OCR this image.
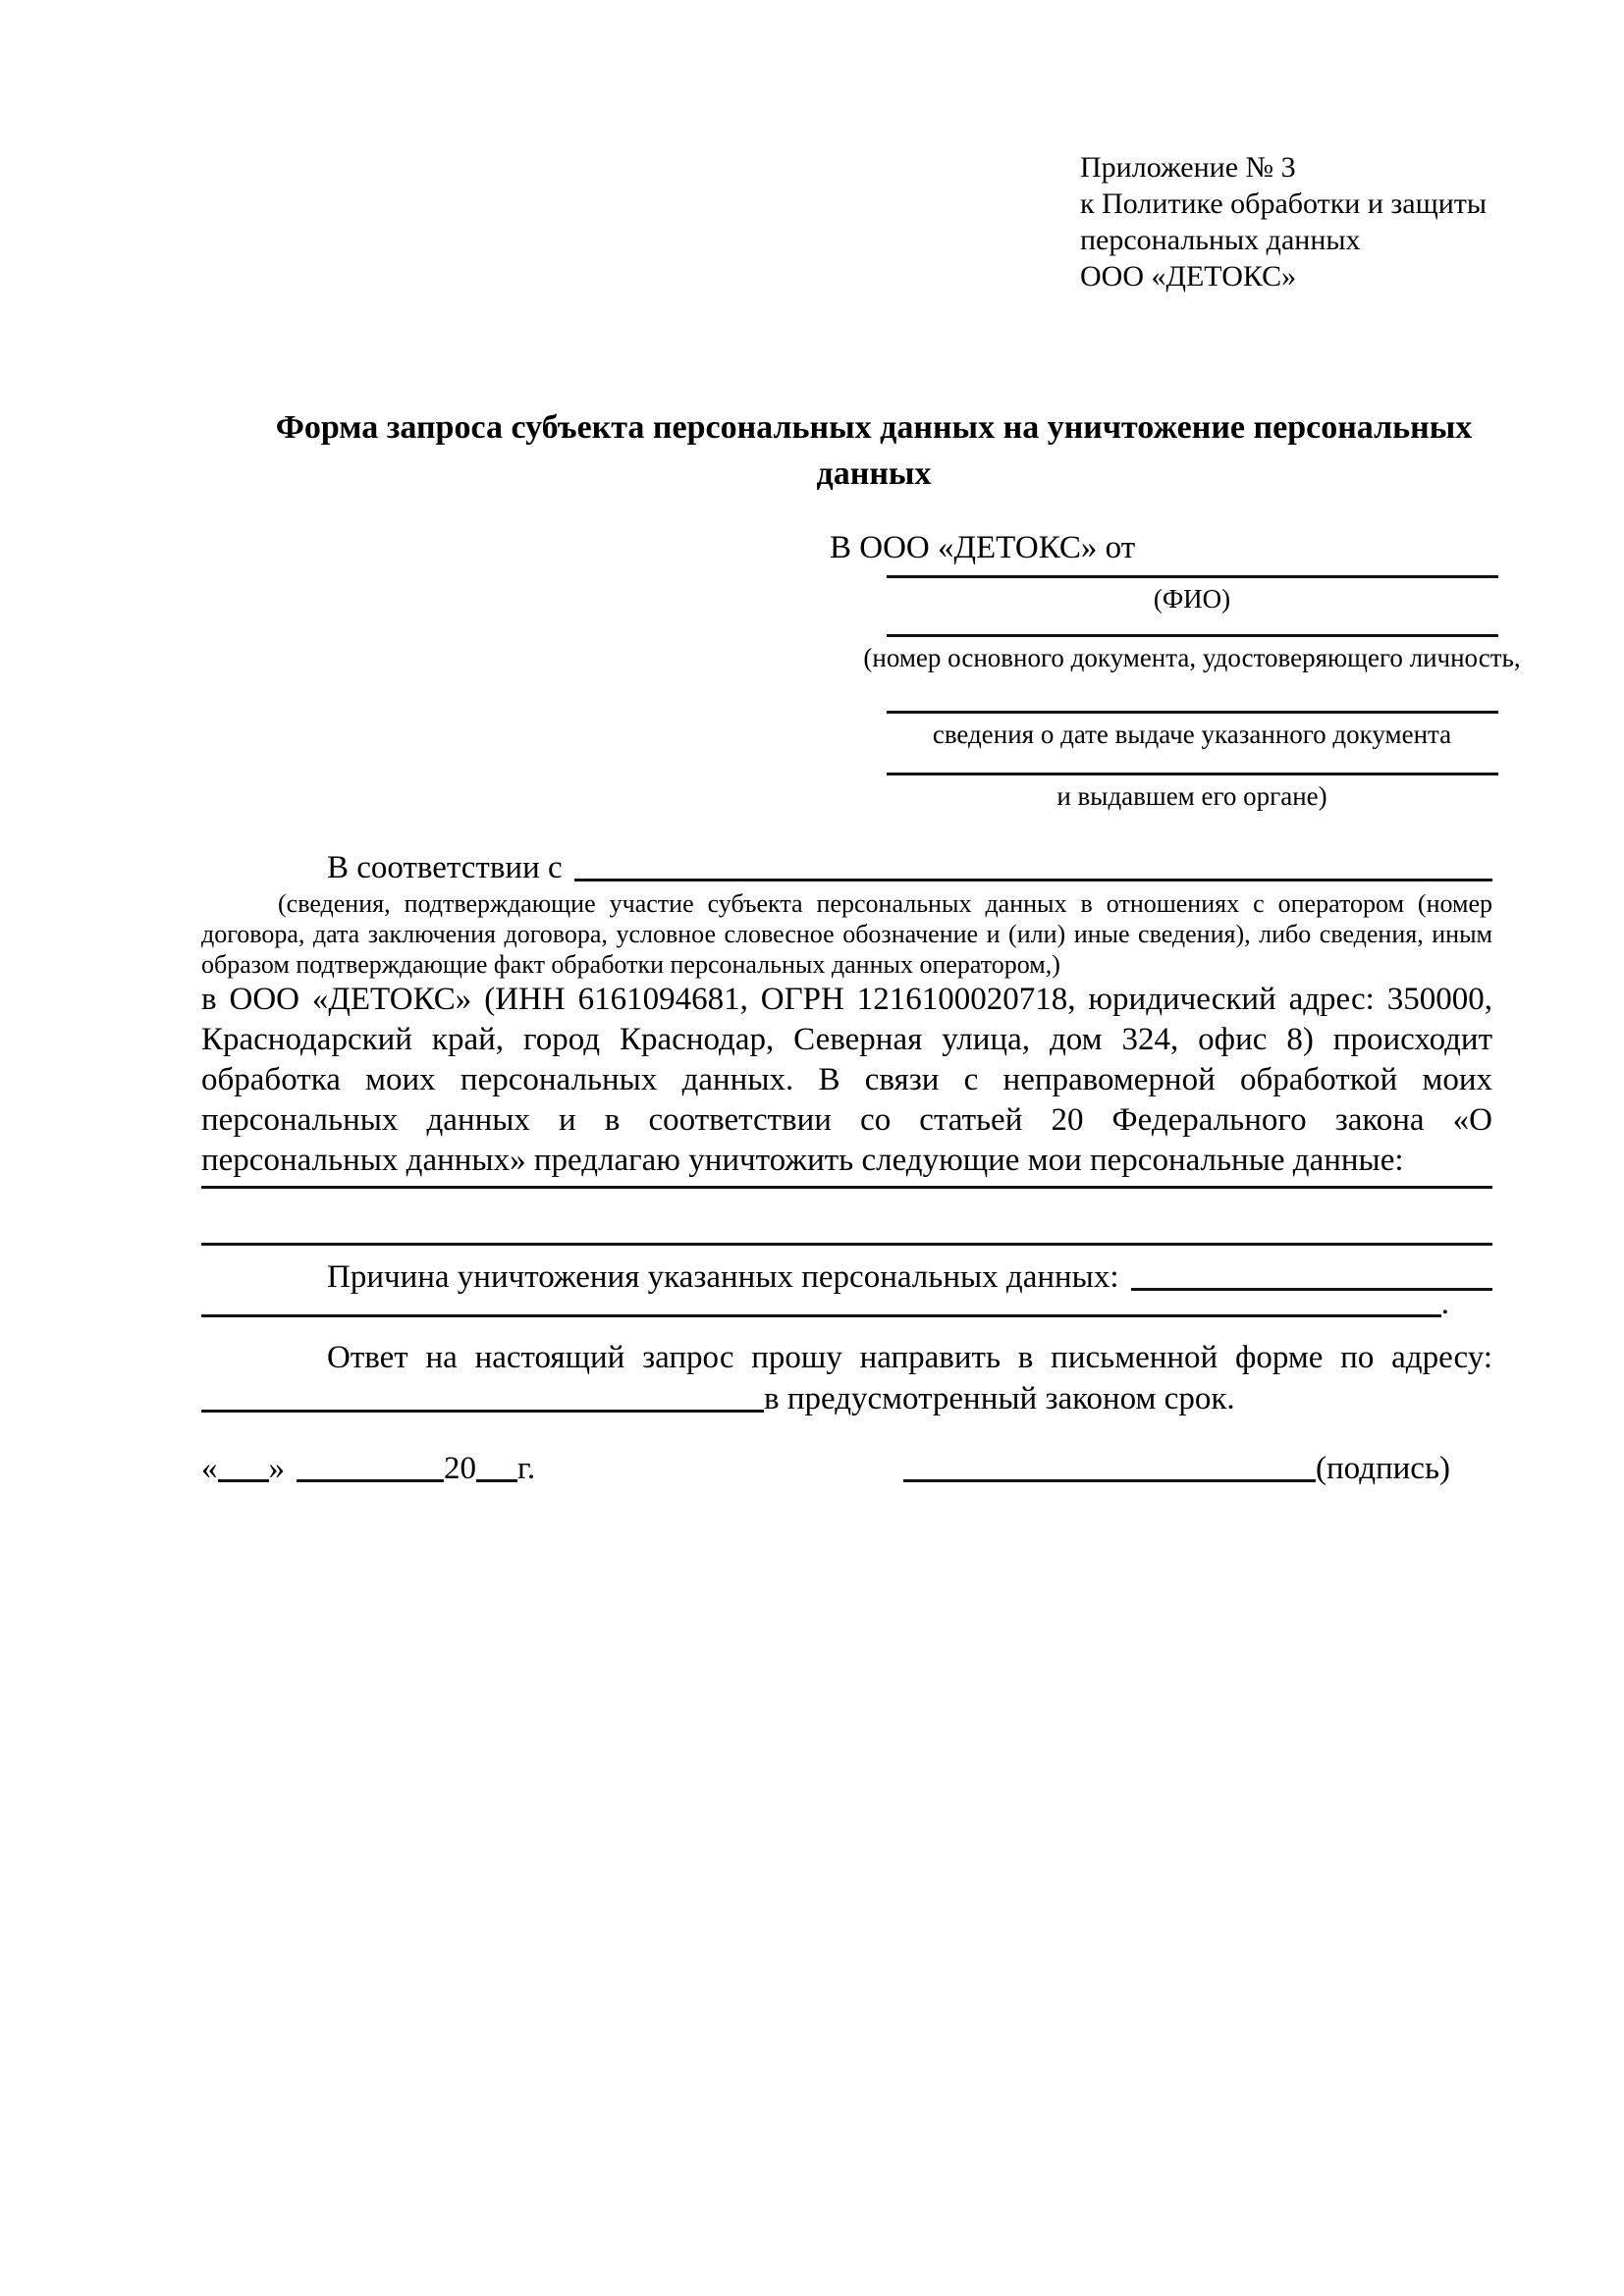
Приложение № 3
к Политике обработки и защиты
персональных данных
ООО «ДЕТОКС»
Форма запроса субъекта персональных данных на уничтожение персональных данных
В ООО «ДЕТОКС» от
(ФИО)
(номер основного документа, удостоверяющего личность,
сведения о дате выдаче указанного документа
и выдавшем его органе)
В соответствии с
(сведения, подтверждающие участие субъекта персональных данных в отношениях с оператором (номер договора, дата заключения договора, условное словесное обозначение и (или) иные сведения), либо сведения, иным образом подтверждающие факт обработки персональных данных оператором,)
в ООО «ДЕТОКС» (ИНН 6161094681, ОГРН 1216100020718, юридический адрес: 350000, Краснодарский край, город Краснодар, Северная улица, дом 324, офис 8) происходит обработка моих персональных данных. В связи с неправомерной обработкой моих персональных данных и в соответствии со статьей 20 Федерального закона «О персональных данных» предлагаю уничтожить следующие мои персональные данные:
Причина уничтожения указанных персональных данных:
.
Ответ на настоящий запрос прошу направить в письменной форме по адресу:
в предусмотренный законом срок.
« »	20 г.	(подпись)
